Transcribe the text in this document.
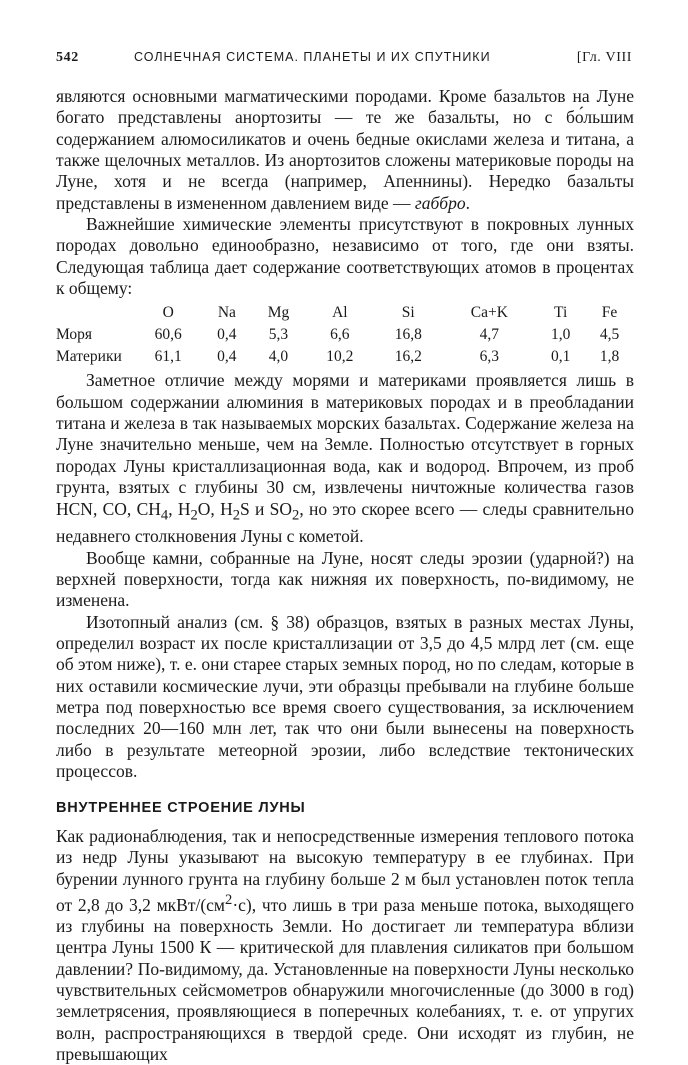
542	СОЛНЕЧНАЯ СИСТЕМА. ПЛАНЕТЫ И ИХ СПУТНИКИ	[Гл. VIII

являются основными магматическими породами. Кроме базальтов на Луне богато представлены анортозиты — те же базальты, но с бо́льшим содержанием алюмосиликатов и очень бедные окислами железа и титана, а также щелочных металлов. Из анортозитов сложены материковые породы на Луне, хотя и не всегда (например, Апеннины). Нередко базальты представлены в измененном давлением виде — габбро.

Важнейшие химические элементы присутствуют в покровных лунных породах довольно единообразно, независимо от того, где они взяты. Следующая таблица дает содержание соответствующих атомов в процентах к общему:

	O	Na	Mg	Al	Si	Ca+K	Ti	Fe
Моря	60,6	0,4	5,3	6,6	16,8	4,7	1,0	4,5
Материки	61,1	0,4	4,0	10,2	16,2	6,3	0,1	1,8

Заметное отличие между морями и материками проявляется лишь в большом содержании алюминия в материковых породах и в преобладании титана и железа в так называемых морских базальтах. Содержание железа на Луне значительно меньше, чем на Земле. Полностью отсутствует в горных породах Луны кристаллизационная вода, как и водород. Впрочем, из проб грунта, взятых с глубины 30 см, извлечены ничтожные количества газов HCN, CO, $CH_4$, $H_2O$, $H_2S$ и $SO_2$, но это скорее всего — следы сравнительно недавнего столкновения Луны с кометой.

Вообще камни, собранные на Луне, носят следы эрозии (ударной?) на верхней поверхности, тогда как нижняя их поверхность, по-видимому, не изменена.

Изотопный анализ (см. § 38) образцов, взятых в разных местах Луны, определил возраст их после кристаллизации от 3,5 до 4,5 млрд лет (см. еще об этом ниже), т. е. они старее старых земных пород, но по следам, которые в них оставили космические лучи, эти образцы пребывали на глубине больше метра под поверхностью все время своего существования, за исключением последних 20—160 млн лет, так что они были вынесены на поверхность либо в результате метеорной эрозии, либо вследствие тектонических процессов.

ВНУТРЕННЕЕ СТРОЕНИЕ ЛУНЫ

Как радионаблюдения, так и непосредственные измерения теплового потока из недр Луны указывают на высокую температуру в ее глубинах. При бурении лунного грунта на глубину больше 2 м был установлен поток тепла от 2,8 до 3,2 мкВт/$(см^2\cdot с)$, что лишь в три раза меньше потока, выходящего из глубины на поверхность Земли. Но достигает ли температура вблизи центра Луны 1500 К — критической для плавления силикатов при большом давлении? По-видимому, да. Установленные на поверхности Луны несколько чувствительных сейсмометров обнаружили многочисленные (до 3000 в год) землетрясения, проявляющиеся в поперечных колебаниях, т. е. от упругих волн, распространяющихся в твердой среде. Они исходят из глубин, не превышающих
